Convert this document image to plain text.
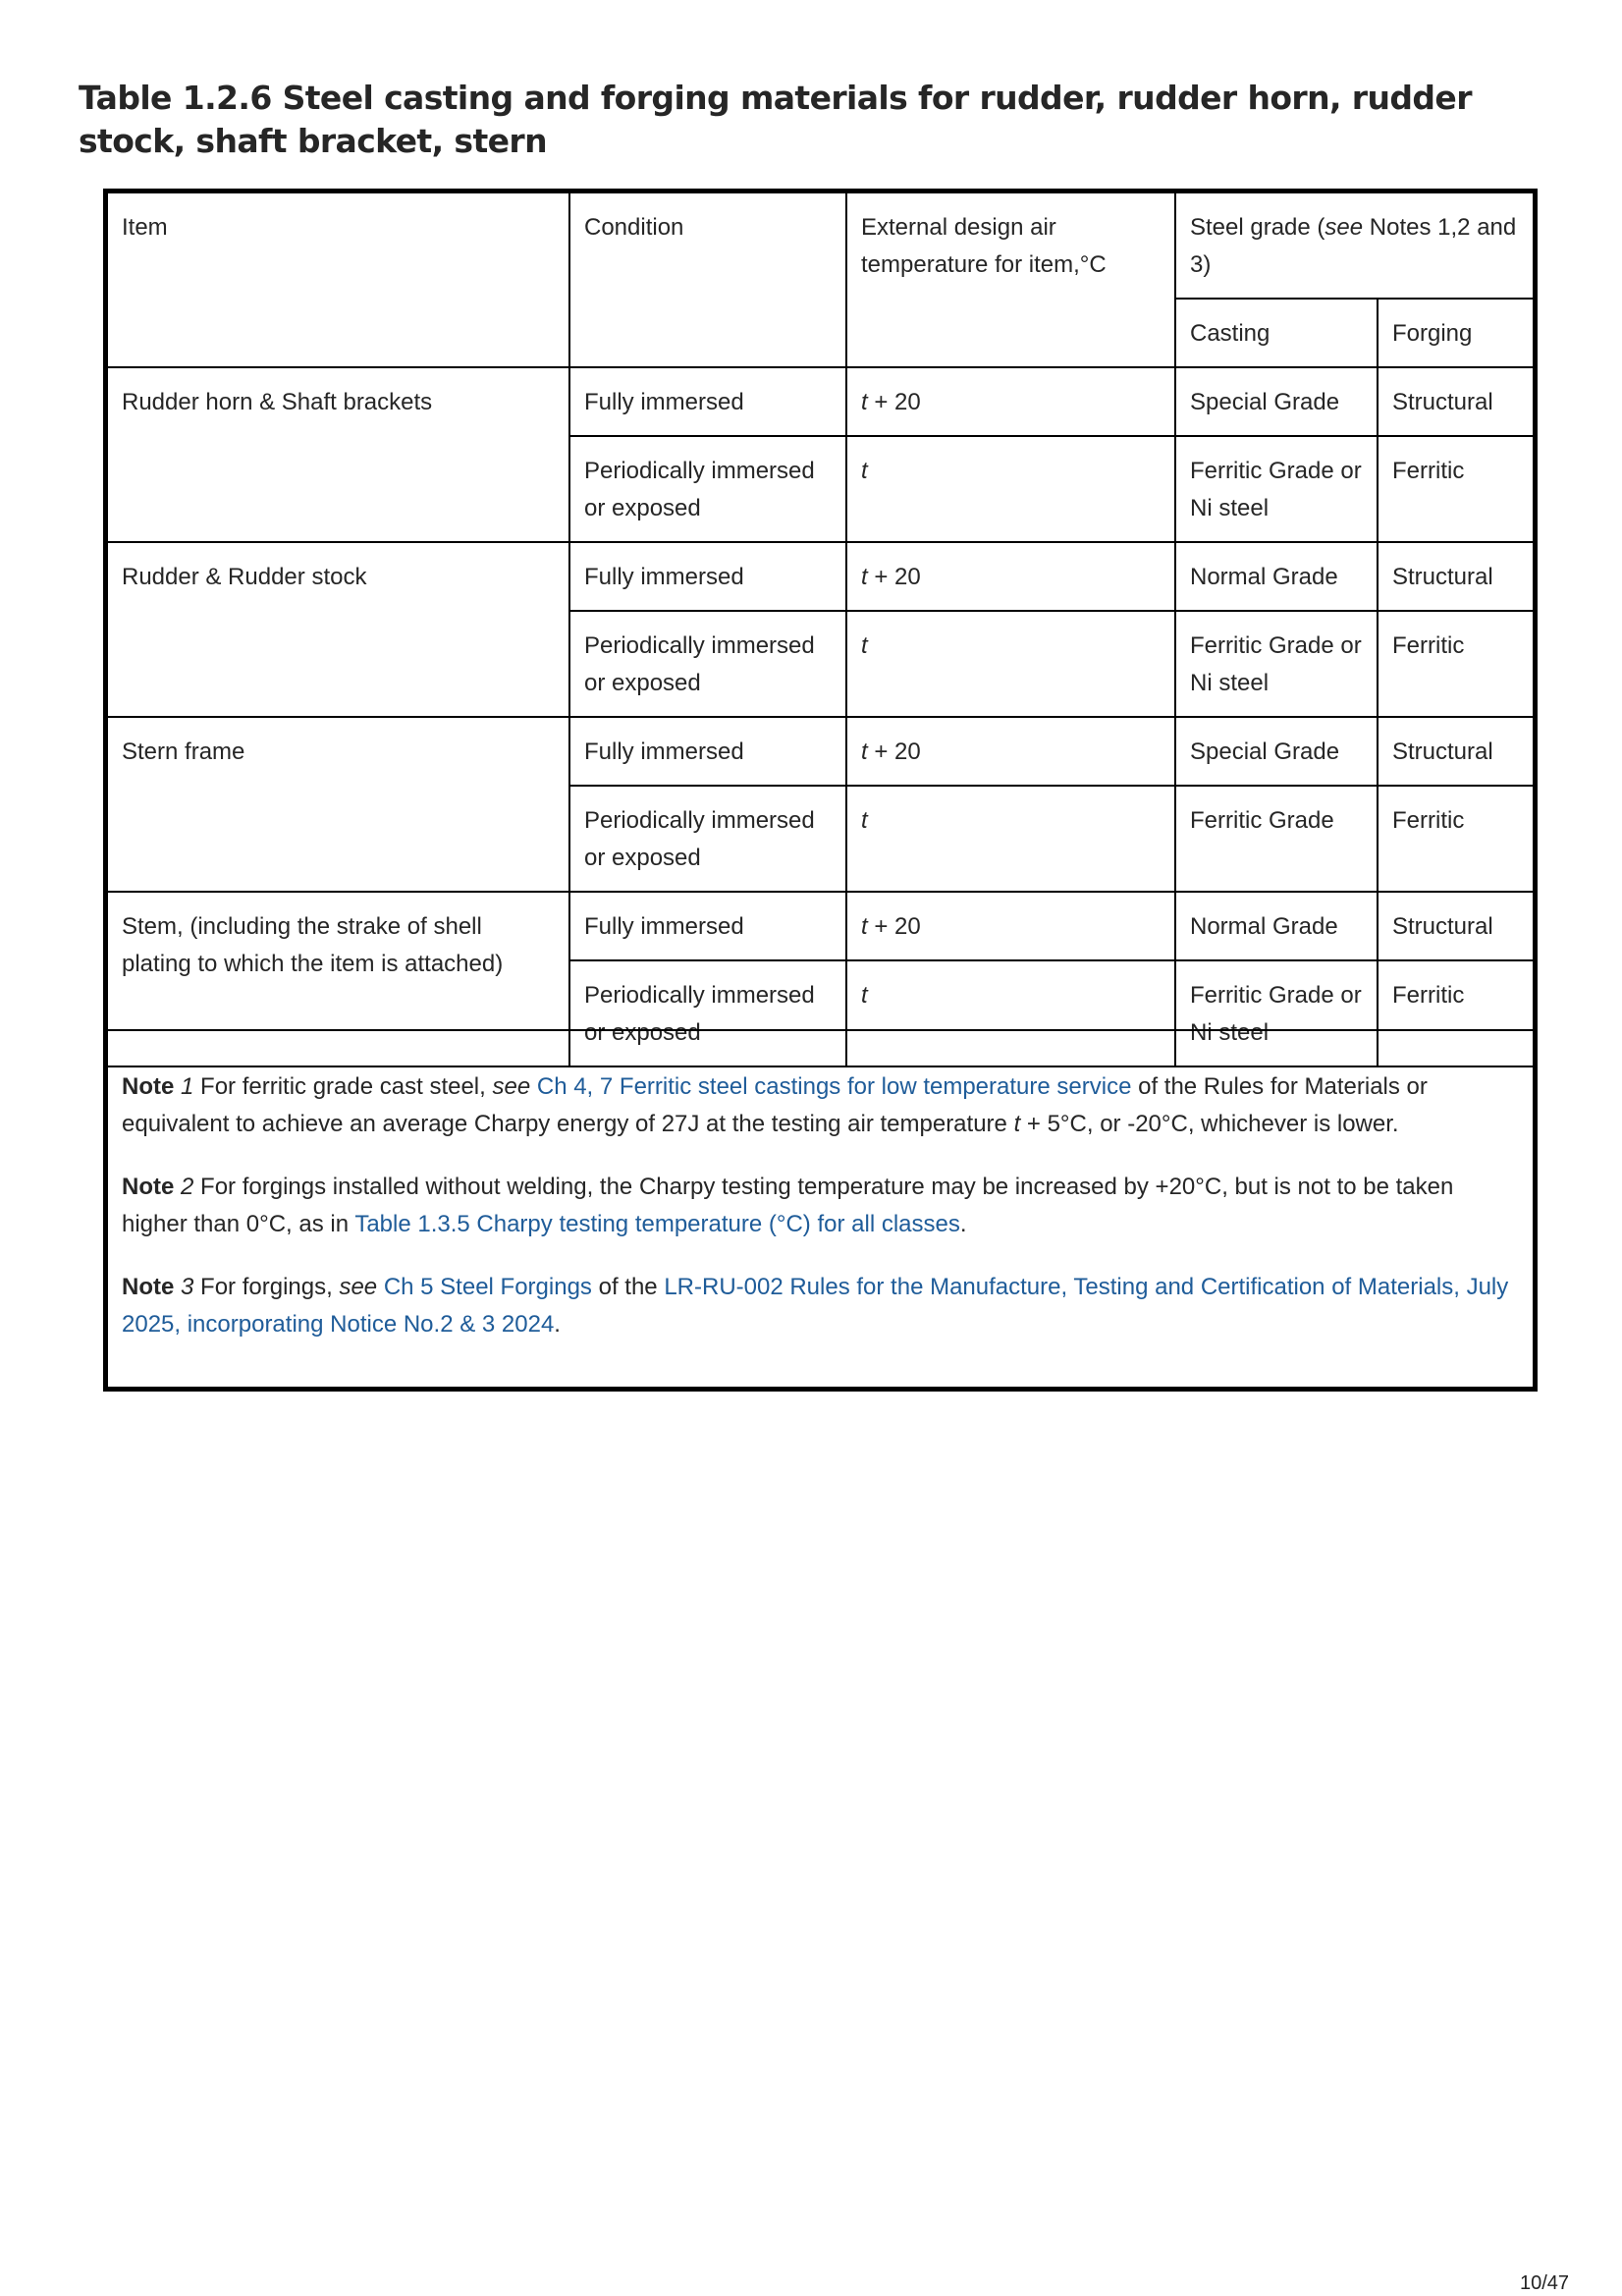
Table 1.2.6 Steel casting and forging materials for rudder, rudder horn, rudder stock, shaft bracket, stern
Item	Condition	External design air temperature for item,°C	Steel grade (see Notes 1,2 and 3)	
			Casting	Forging
Rudder horn & Shaft brackets	Fully immersed	t + 20	Special Grade	Structural
	Periodically immersed or exposed	t	Ferritic Grade or Ni steel	Ferritic
Rudder & Rudder stock	Fully immersed	t + 20	Normal Grade	Structural
	Periodically immersed or exposed	t	Ferritic Grade or Ni steel	Ferritic
Stern frame	Fully immersed	t + 20	Special Grade	Structural
	Periodically immersed or exposed	t	Ferritic Grade	Ferritic
Stem, (including the strake of shell plating to which the item is attached)	Fully immersed	t + 20	Normal Grade	Structural
	Periodically immersed or exposed	t	Ferritic Grade or Ni steel	Ferritic

Note 1 For ferritic grade cast steel, see Ch 4, 7 Ferritic steel castings for low temperature service of the Rules for Materials or equivalent to achieve an average Charpy energy of 27J at the testing air temperature t + 5°C, or -20°C, whichever is lower.

Note 2 For forgings installed without welding, the Charpy testing temperature may be increased by +20°C, but is not to be taken higher than 0°C, as in Table 1.3.5 Charpy testing temperature (°C) for all classes.

Note 3 For forgings, see Ch 5 Steel Forgings of the LR-RU-002 Rules for the Manufacture, Testing and Certification of Materials, July 2025, incorporating Notice No.2 & 3 2024.

10/47
